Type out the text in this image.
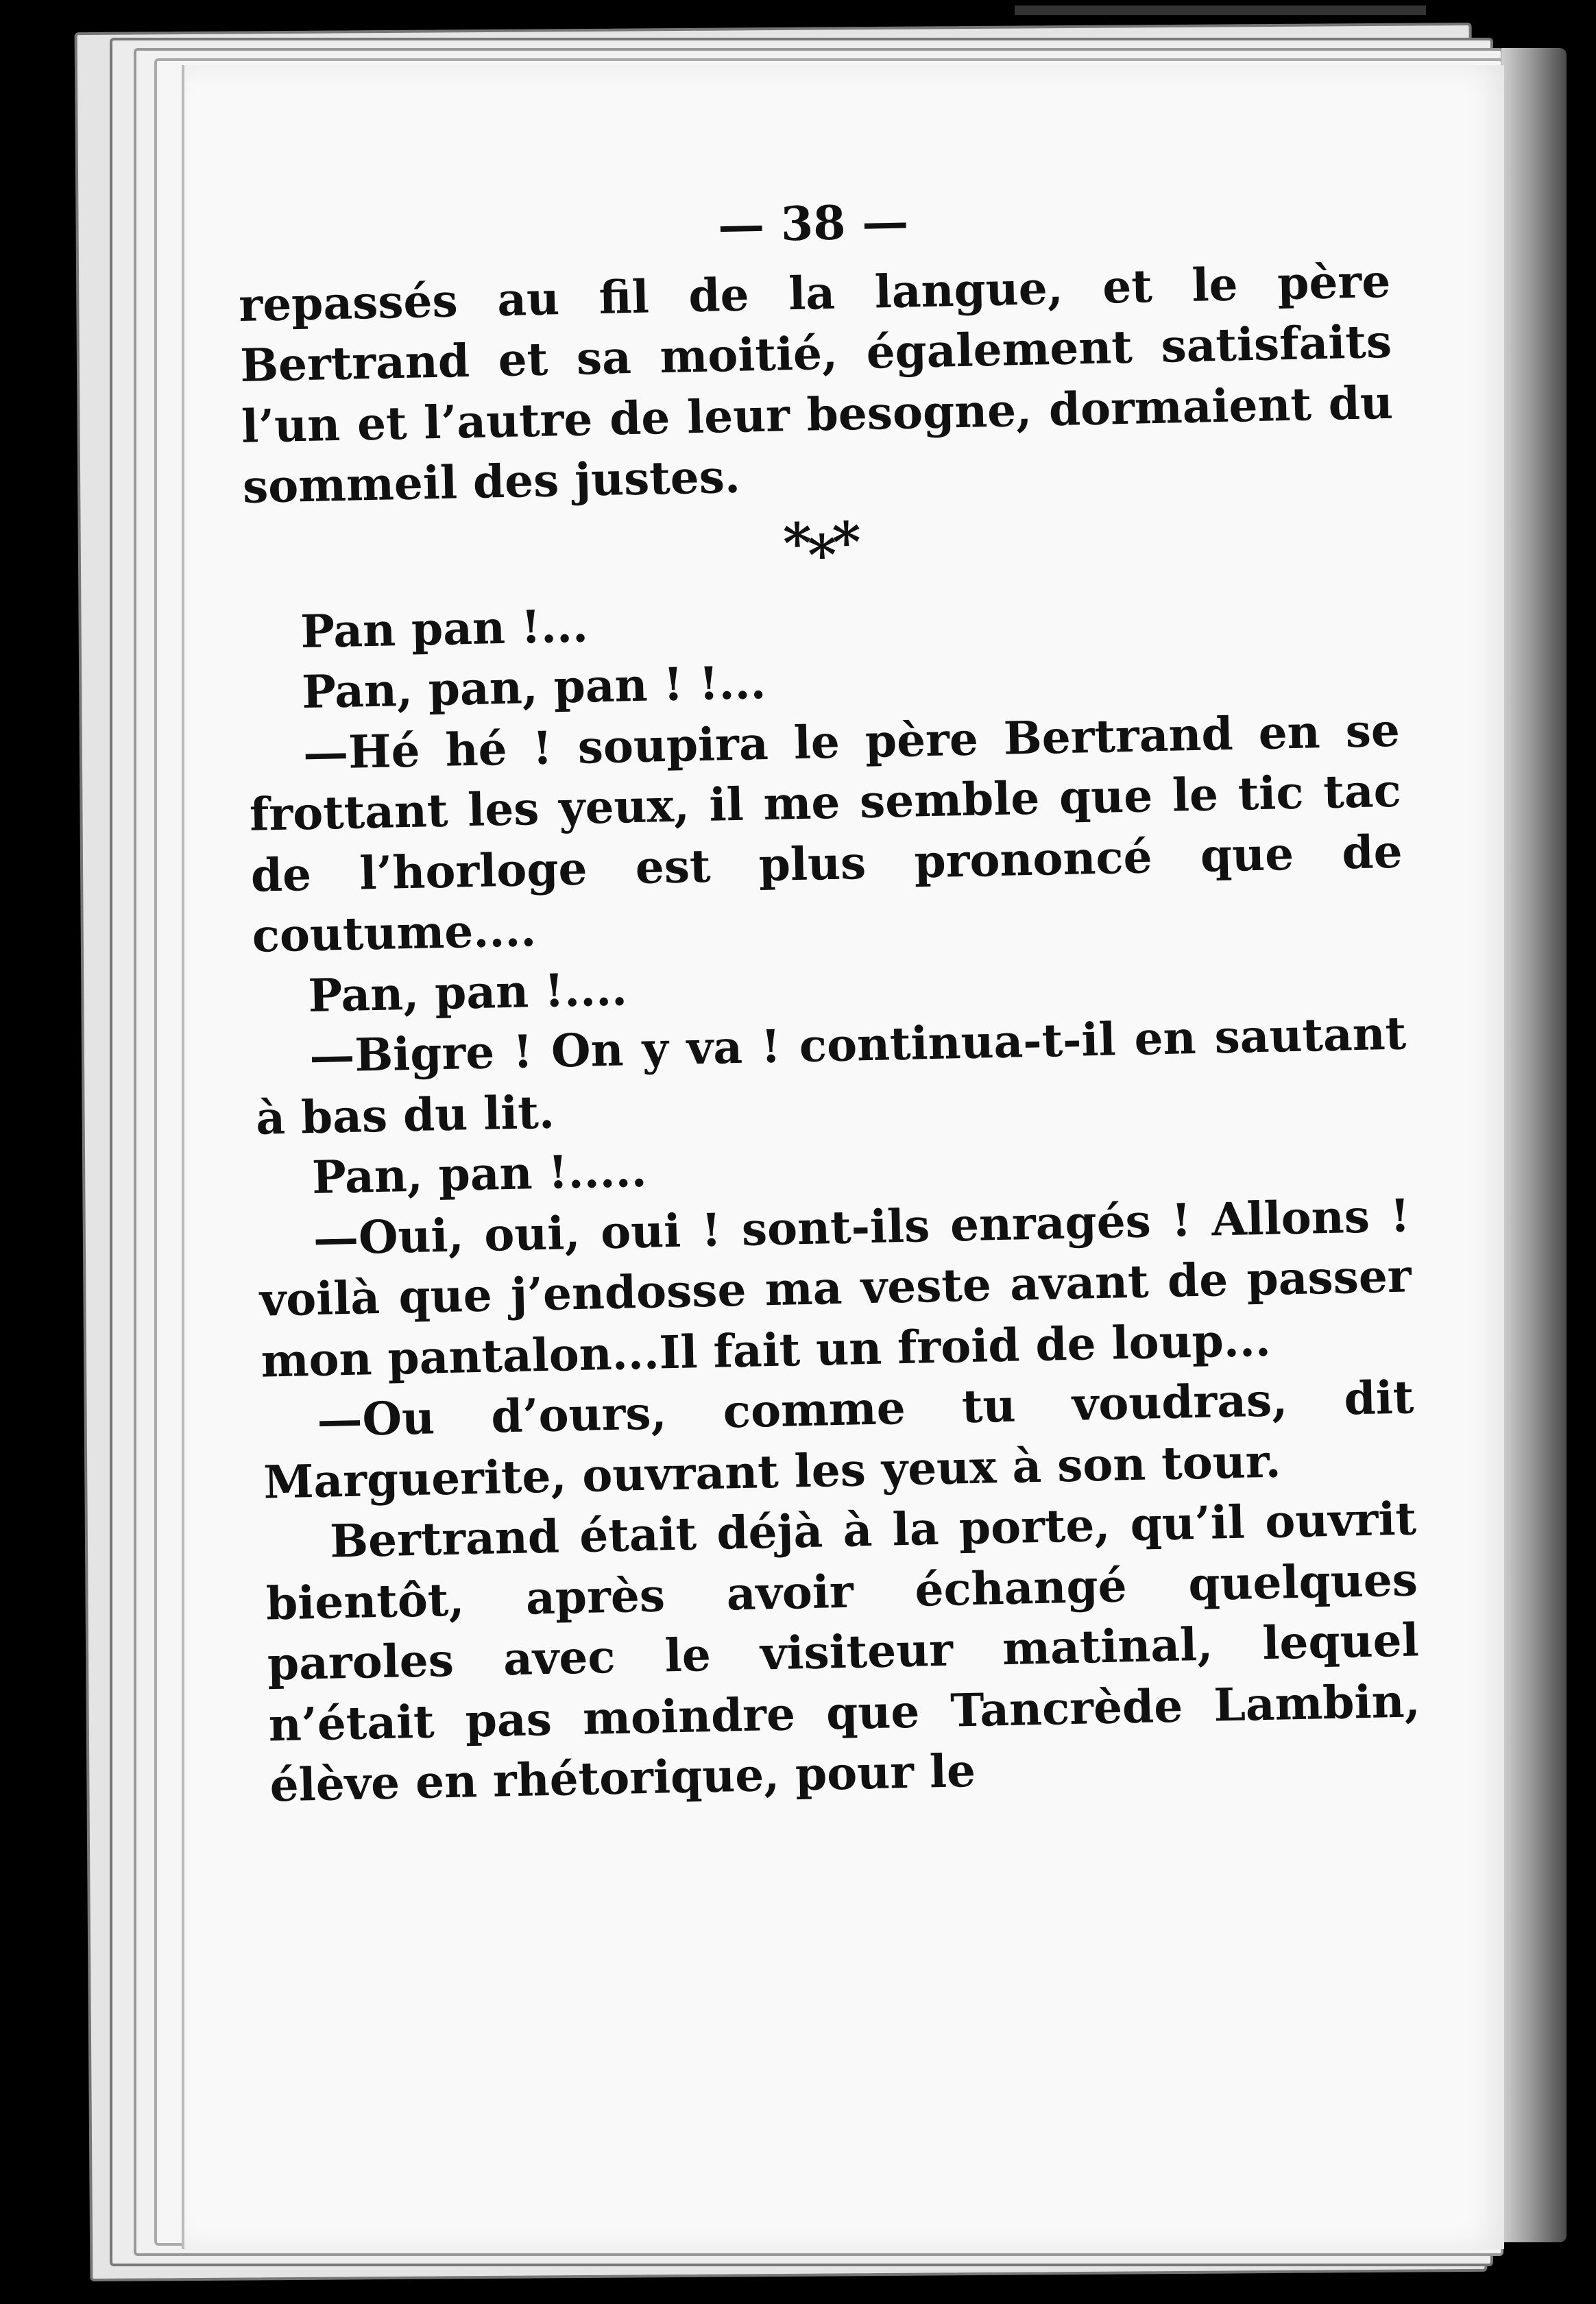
— 38 —

repassés au fil de la langue, et le père Bertrand et sa moitié, également satisfaits l’un et l’autre de leur besogne, dormaient du sommeil des justes.

***

Pan pan !...

Pan, pan, pan ! !...

—Hé hé ! soupira le père Bertrand en se frottant les yeux, il me semble que le tic tac de l’horloge est plus prononcé que de coutume....

Pan, pan !....

—Bigre ! On y va ! continua-t-il en sautant à bas du lit.

Pan, pan !.....

—Oui, oui, oui ! sont-ils enragés ! Allons ! voilà que j’endosse ma veste avant de passer mon pantalon...Il fait un froid de loup...

—Ou d’ours, comme tu voudras, dit Marguerite, ouvrant les yeux à son tour.

Bertrand était déjà à la porte, qu’il ouvrit bientôt, après avoir échangé quelques paroles avec le visiteur matinal, lequel n’était pas moindre que Tancrède Lambin, élève en rhétorique, pour le
